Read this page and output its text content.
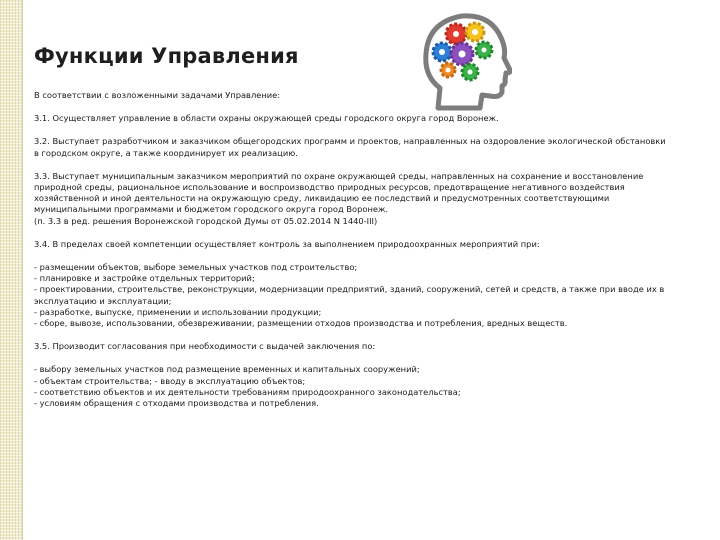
Функции Управления

В соответствии с возложенными задачами Управление:

3.1. Осуществляет управление в области охраны окружающей среды городского округа город Воронеж.

3.2. Выступает разработчиком и заказчиком общегородских программ и проектов, направленных на оздоровление экологической обстановки в городском округе, а также координирует их реализацию.

3.3. Выступает муниципальным заказчиком мероприятий по охране окружающей среды, направленных на сохранение и восстановление природной среды, рациональное использование и воспроизводство природных ресурсов, предотвращение негативного воздействия хозяйственной и иной деятельности на окружающую среду, ликвидацию ее последствий и предусмотренных соответствующими муниципальными программами и бюджетом городского округа город Воронеж.
(п. 3.3 в ред. решения Воронежской городской Думы от 05.02.2014 N 1440-III)

3.4. В пределах своей компетенции осуществляет контроль за выполнением природоохранных мероприятий при:

- размещении объектов, выборе земельных участков под строительство;
- планировке и застройке отдельных территорий;
- проектировании, строительстве, реконструкции, модернизации предприятий, зданий, сооружений, сетей и средств, а также при вводе их в эксплуатацию и эксплуатации;
- разработке, выпуске, применении и использовании продукции;
- сборе, вывозе, использовании, обезвреживании, размещении отходов производства и потребления, вредных веществ.

3.5. Производит согласования при необходимости с выдачей заключения по:

- выбору земельных участков под размещение временных и капитальных сооружений;
- объектам строительства; - вводу в эксплуатацию объектов;
- соответствию объектов и их деятельности требованиям природоохранного законодательства;
- условиям обращения с отходами производства и потребления.
